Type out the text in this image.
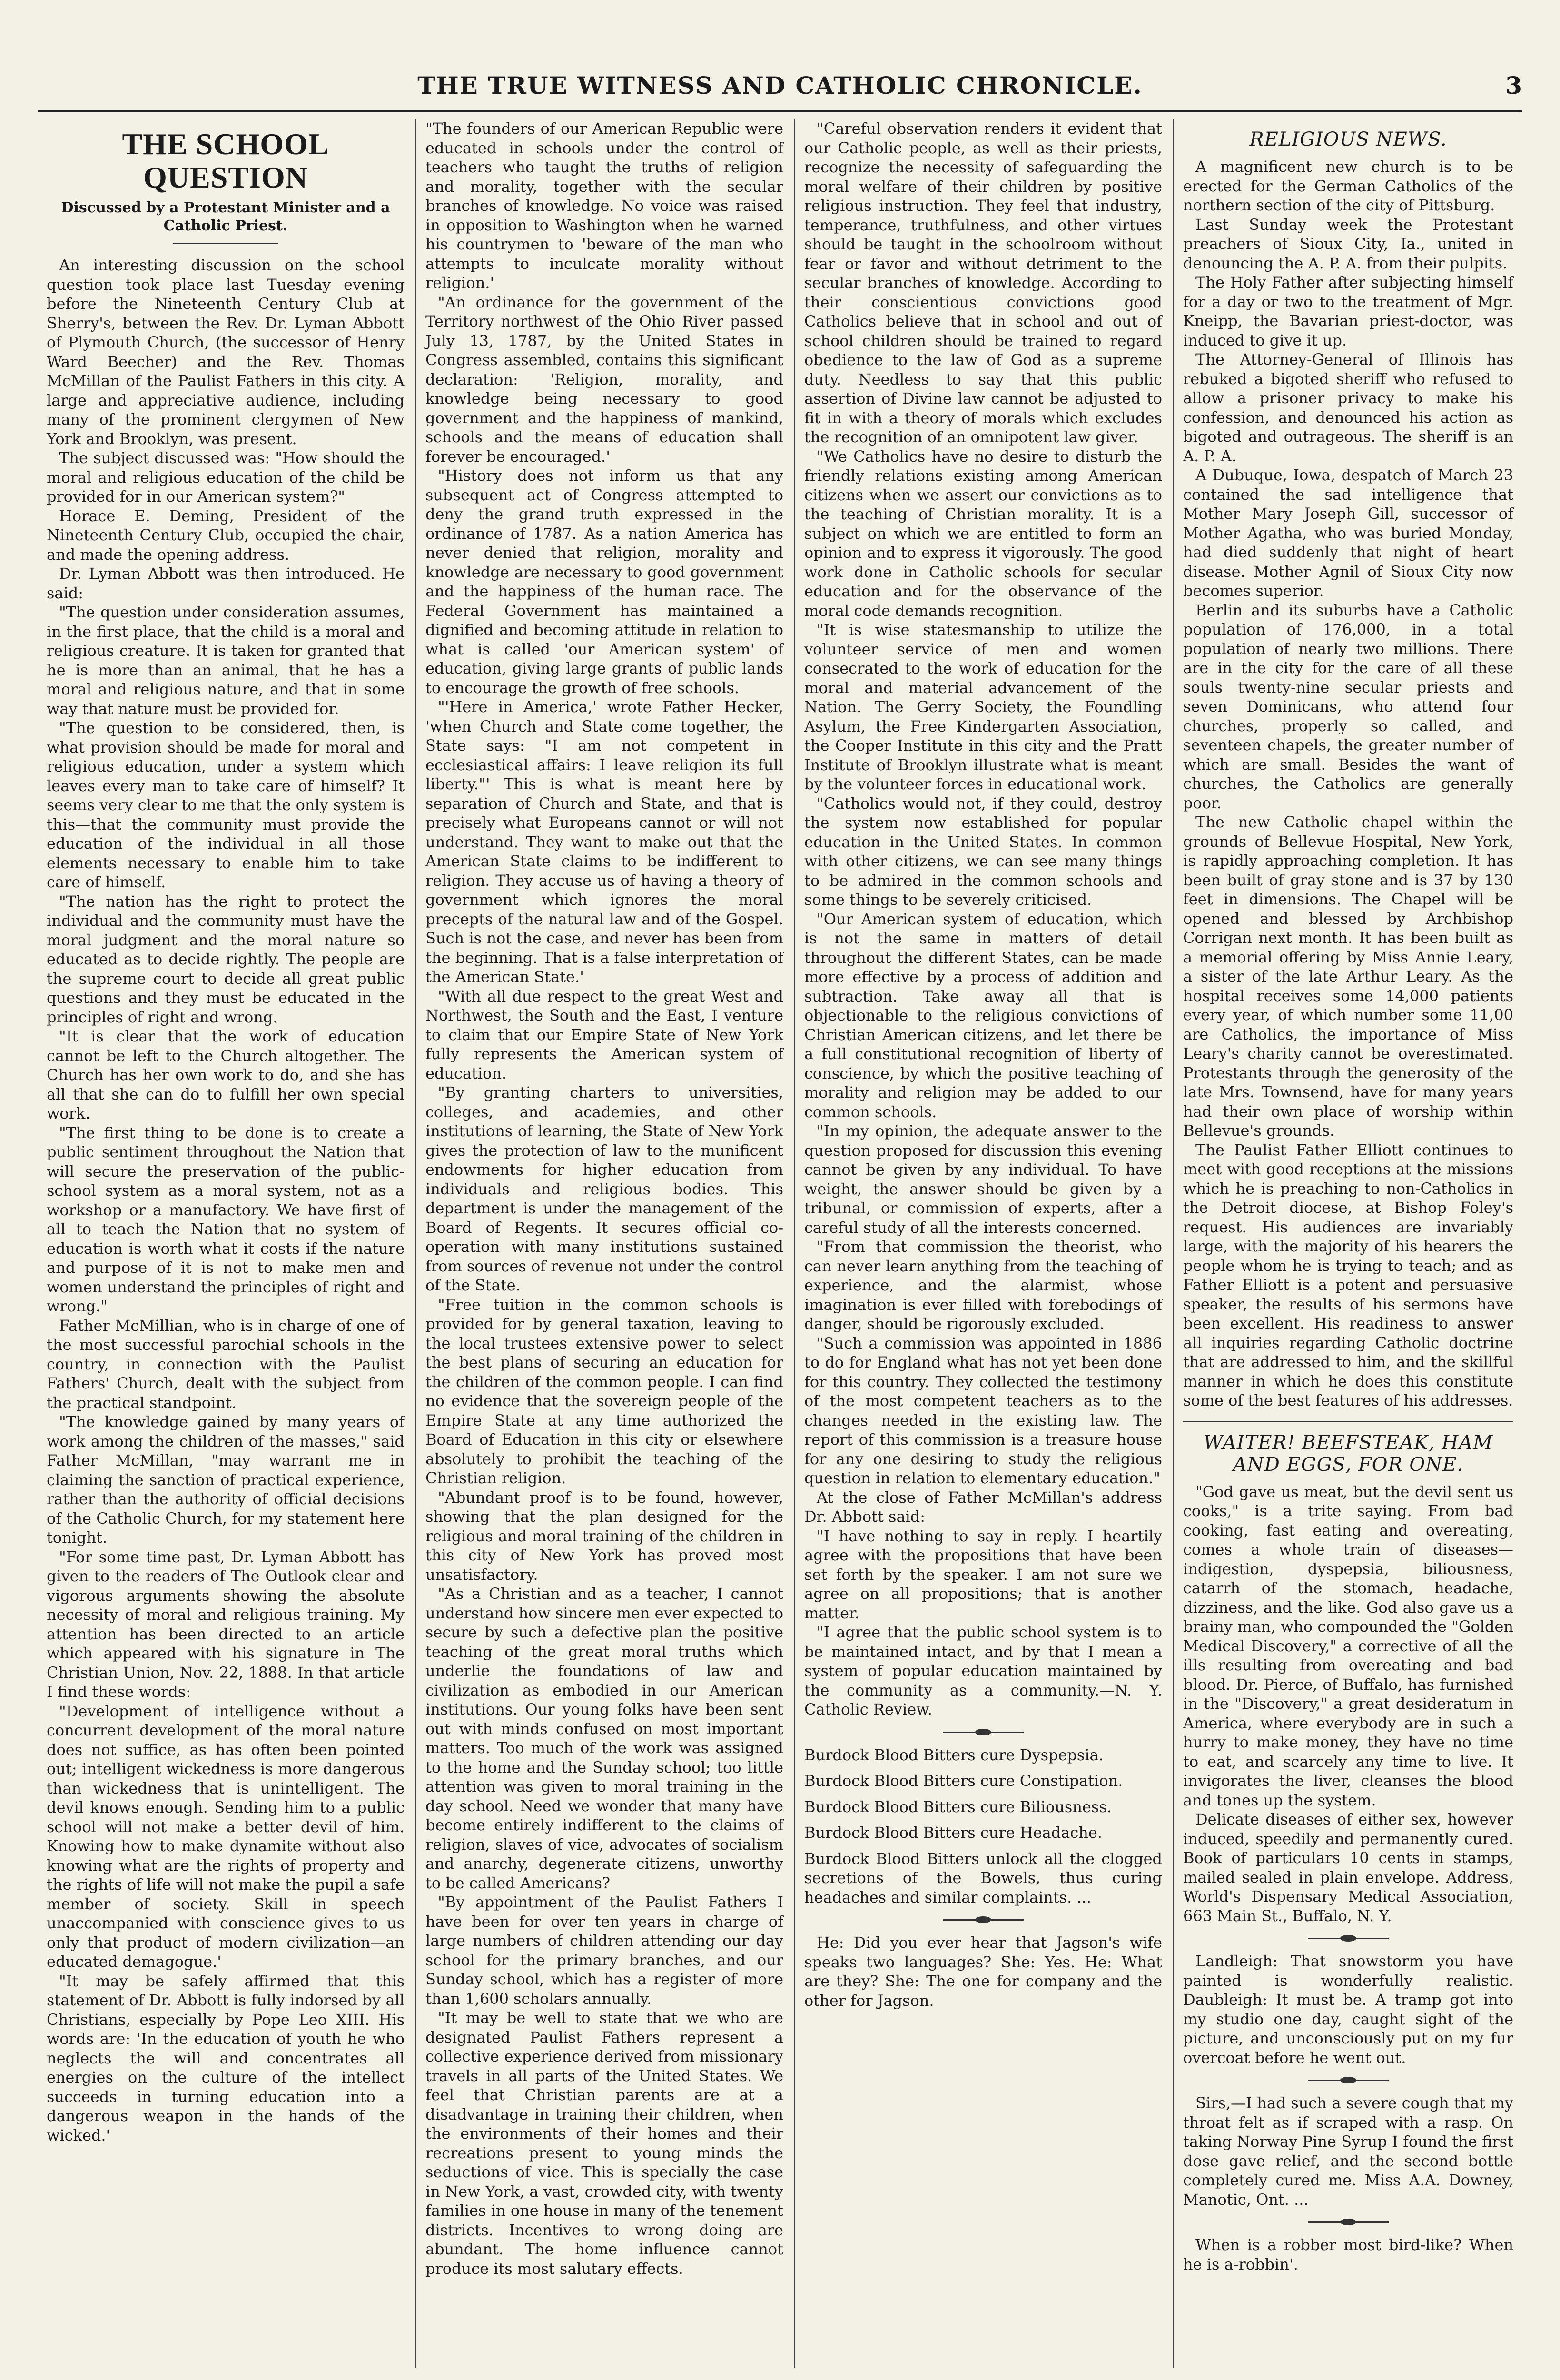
THE TRUE WITNESS AND CATHOLIC CHRONICLE.	3
THE SCHOOL QUESTION
Discussed by a Protestant Minister and a Catholic Priest.

An interesting discussion on the school question took place last Tuesday evening before the Nineteenth Century Club at Sherry's, between the Rev. Dr. Lyman Abbott of Plymouth Church, (the successor of Henry Ward Beecher) and the Rev. Thomas McMillan of the Paulist Fathers in this city. A large and appreciative audience, including many of the prominent clergymen of New York and Brooklyn, was present.

The subject discussed was: "How should the moral and religious education of the child be provided for in our American system?"

Horace E. Deming, President of the Nineteenth Century Club, occupied the chair, and made the opening address.

Dr. Lyman Abbott was then introduced. He said:

"The question under consideration assumes, in the first place, that the child is a moral and religious creature. It is taken for granted that he is more than an animal, that he has a moral and religious nature, and that in some way that nature must be provided for.

"The question to be considered, then, is what provision should be made for moral and religious education, under a system which leaves every man to take care of himself? It seems very clear to me that the only system is this—that the community must provide the education of the individual in all those elements necessary to enable him to take care of himself.

"The nation has the right to protect the individual and the community must have the moral judgment and the moral nature so educated as to decide rightly. The people are the supreme court to decide all great public questions and they must be educated in the principles of right and wrong.

"It is clear that the work of education cannot be left to the Church altogether. The Church has her own work to do, and she has all that she can do to fulfill her own special work.

"The first thing to be done is to create a public sentiment throughout the Nation that will secure the preservation of the public-school system as a moral system, not as a workshop or a manufactory. We have first of all to teach the Nation that no system of education is worth what it costs if the nature and purpose of it is not to make men and women understand the principles of right and wrong."

Father McMillian, who is in charge of one of the most successful parochial schools in the country, in connection with the Paulist Fathers' Church, dealt with the subject from the practical standpoint.

"The knowledge gained by many years of work among the children of the masses," said Father McMillan, "may warrant me in claiming the sanction of practical experience, rather than the authority of official decisions of the Catholic Church, for my statement here tonight.

"For some time past, Dr. Lyman Abbott has given to the readers of The Outlook clear and vigorous arguments showing the absolute necessity of moral and religious training. My attention has been directed to an article which appeared with his signature in The Christian Union, Nov. 22, 1888. In that article I find these words:

"Development of intelligence without a concurrent development of the moral nature does not suffice, as has often been pointed out; intelligent wickedness is more dangerous than wickedness that is unintelligent. The devil knows enough. Sending him to a public school will not make a better devil of him. Knowing how to make dynamite without also knowing what are the rights of property and the rights of life will not make the pupil a safe member of society. Skill in speech unaccompanied with conscience gives to us only that product of modern civilization—an educated demagogue.'

"It may be safely affirmed that this statement of Dr. Abbott is fully indorsed by all Christians, especially by Pope Leo XIII. His words are: 'In the education of youth he who neglects the will and concentrates all energies on the culture of the intellect succeeds in turning education into a dangerous weapon in the hands of the wicked.'

"The founders of our American Republic were educated in schools under the control of teachers who taught the truths of religion and morality, together with the secular branches of knowledge. No voice was raised in opposition to Washington when he warned his countrymen to 'beware of the man who attempts to inculcate morality without religion.'

"An ordinance for the government of the Territory northwest of the Ohio River passed July 13, 1787, by the United States in Congress assembled, contains this significant declaration: 'Religion, morality, and knowledge being necessary to good government and the happiness of mankind, schools and the means of education shall forever be encouraged.'

"History does not inform us that any subsequent act of Congress attempted to deny the grand truth expressed in the ordinance of 1787. As a nation America has never denied that religion, morality and knowledge are necessary to good government and the happiness of the human race. The Federal Government has maintained a dignified and becoming attitude in relation to what is called 'our American system' of education, giving large grants of public lands to encourage the growth of free schools.

"'Here in America,' wrote Father Hecker, 'when Church and State come together, the State says: "I am not competent in ecclesiastical affairs: I leave religion its full liberty."' This is what is meant here by separation of Church and State, and that is precisely what Europeans cannot or will not understand. They want to make out that the American State claims to be indifferent to religion. They accuse us of having a theory of government which ignores the moral precepts of the natural law and of the Gospel. Such is not the case, and never has been from the beginning. That is a false interpretation of the American State.'

"With all due respect to the great West and Northwest, the South and the East, I venture to claim that our Empire State of New York fully represents the American system of education.

"By granting charters to universities, colleges, and academies, and other institutions of learning, the State of New York gives the protection of law to the munificent endowments for higher education from individuals and religious bodies. This department is under the management of the Board of Regents. It secures official co-operation with many institutions sustained from sources of revenue not under the control of the State.

"Free tuition in the common schools is provided for by general taxation, leaving to the local trustees extensive power to select the best plans of securing an education for the children of the common people. I can find no evidence that the sovereign people of the Empire State at any time authorized the Board of Education in this city or elsewhere absolutely to prohibit the teaching of the Christian religion.

"Abundant proof is to be found, however, showing that the plan designed for the religious and moral training of the children in this city of New York has proved most unsatisfactory.

"As a Christian and as a teacher, I cannot understand how sincere men ever expected to secure by such a defective plan the positive teaching of the great moral truths which underlie the foundations of law and civilization as embodied in our American institutions. Our young folks have been sent out with minds confused on most important matters. Too much of the work was assigned to the home and the Sunday school; too little attention was given to moral training in the day school. Need we wonder that many have become entirely indifferent to the claims of religion, slaves of vice, advocates of socialism and anarchy, degenerate citizens, unworthy to be called Americans?

"By appointment of the Paulist Fathers I have been for over ten years in charge of large numbers of children attending our day school for the primary branches, and our Sunday school, which has a register of more than 1,600 scholars annually.

"It may be well to state that we who are designated Paulist Fathers represent a collective experience derived from missionary travels in all parts of the United States. We feel that Christian parents are at a disadvantage in training their children, when the environments of their homes and their recreations present to young minds the seductions of vice. This is specially the case in New York, a vast, crowded city, with twenty families in one house in many of the tenement districts. Incentives to wrong doing are abundant. The home influence cannot produce its most salutary effects.

"Careful observation renders it evident that our Catholic people, as well as their priests, recognize the necessity of safeguarding the moral welfare of their children by positive religious instruction. They feel that industry, temperance, truthfulness, and other virtues should be taught in the schoolroom without fear or favor and without detriment to the secular branches of knowledge. According to their conscientious convictions good Catholics believe that in school and out of school children should be trained to regard obedience to the law of God as a supreme duty. Needless to say that this public assertion of Divine law cannot be adjusted to fit in with a theory of morals which excludes the recognition of an omnipotent law giver.

"We Catholics have no desire to disturb the friendly relations existing among American citizens when we assert our convictions as to the teaching of Christian morality. It is a subject on which we are entitled to form an opinion and to express it vigorously. The good work done in Catholic schools for secular education and for the observance of the moral code demands recognition.

"It is wise statesmanship to utilize the volunteer service of men and women consecrated to the work of education for the moral and material advancement of the Nation. The Gerry Society, the Foundling Asylum, the Free Kindergarten Association, the Cooper Institute in this city and the Pratt Institute of Brooklyn illustrate what is meant by the volunteer forces in educational work.

"Catholics would not, if they could, destroy the system now established for popular education in the United States. In common with other citizens, we can see many things to be admired in the common schools and some things to be severely criticised.

"Our American system of education, which is not the same in matters of detail throughout the different States, can be made more effective by a process of addition and subtraction. Take away all that is objectionable to the religious convictions of Christian American citizens, and let there be a full constitutional recognition of liberty of conscience, by which the positive teaching of morality and religion may be added to our common schools.

"In my opinion, the adequate answer to the question proposed for discussion this evening cannot be given by any individual. To have weight, the answer should be given by a tribunal, or commission of experts, after a careful study of all the interests concerned.

"From that commission the theorist, who can never learn anything from the teaching of experience, and the alarmist, whose imagination is ever filled with forebodings of danger, should be rigorously excluded.

"Such a commission was appointed in 1886 to do for England what has not yet been done for this country. They collected the testimony of the most competent teachers as to the changes needed in the existing law. The report of this commission is a treasure house for any one desiring to study the religious question in relation to elementary education."

At the close of Father McMillan's address Dr. Abbott said:

"I have nothing to say in reply. I heartily agree with the propositions that have been set forth by the speaker. I am not sure we agree on all propositions; that is another matter.

"I agree that the public school system is to be maintained intact, and by that I mean a system of popular education maintained by the community as a community.—N. Y. Catholic Review.

Burdock Blood Bitters cure Dyspepsia.

Burdock Blood Bitters cure Constipation.

Burdock Blood Bitters cure Biliousness.

Burdock Blood Bitters cure Headache.

Burdock Blood Bitters unlock all the clogged secretions of the Bowels, thus curing headaches and similar complaints. ...

He: Did you ever hear that Jagson's wife speaks two languages? She: Yes. He: What are they? She: The one for company and the other for Jagson.

RELIGIOUS NEWS.

A magnificent new church is to be erected for the German Catholics of the northern section of the city of Pittsburg.

Last Sunday week the Protestant preachers of Sioux City, Ia., united in denouncing the A. P. A. from their pulpits.

The Holy Father after subjecting himself for a day or two to the treatment of Mgr. Kneipp, the Bavarian priest-doctor, was induced to give it up.

The Attorney-General of Illinois has rebuked a bigoted sheriff who refused to allow a prisoner privacy to make his confession, and denounced his action as bigoted and outrageous. The sheriff is an A. P. A.

A Dubuque, Iowa, despatch of March 23 contained the sad intelligence that Mother Mary Joseph Gill, successor of Mother Agatha, who was buried Monday, had died suddenly that night of heart disease. Mother Agnil of Sioux City now becomes superior.

Berlin and its suburbs have a Catholic population of 176,000, in a total population of nearly two millions. There are in the city for the care of all these souls twenty-nine secular priests and seven Dominicans, who attend four churches, properly so called, and seventeen chapels, the greater number of which are small. Besides the want of churches, the Catholics are generally poor.

The new Catholic chapel within the grounds of Bellevue Hospital, New York, is rapidly approaching completion. It has been built of gray stone and is 37 by 130 feet in dimensions. The Chapel will be opened and blessed by Archbishop Corrigan next month. It has been built as a memorial offering by Miss Annie Leary, a sister of the late Arthur Leary. As the hospital receives some 14,000 patients every year, of which number some 11,00 are Catholics, the importance of Miss Leary's charity cannot be overestimated. Protestants through the generosity of the late Mrs. Townsend, have for many years had their own place of worship within Bellevue's grounds.

The Paulist Father Elliott continues to meet with good receptions at the missions which he is preaching to non-Catholics in the Detroit diocese, at Bishop Foley's request. His audiences are invariably large, with the majority of his hearers the people whom he is trying to teach; and as Father Elliott is a potent and persuasive speaker, the results of his sermons have been excellent. His readiness to answer all inquiries regarding Catholic doctrine that are addressed to him, and the skillful manner in which he does this constitute some of the best features of his addresses.

WAITER! BEEFSTEAK, HAM AND EGGS, FOR ONE.

"God gave us meat, but the devil sent us cooks," is a trite saying. From bad cooking, fast eating and overeating, comes a whole train of diseases—indigestion, dyspepsia, biliousness, catarrh of the stomach, headache, dizziness, and the like. God also gave us a brainy man, who compounded the "Golden Medical Discovery," a corrective of all the ills resulting from overeating and bad blood. Dr. Pierce, of Buffalo, has furnished in the "Discovery," a great desideratum in America, where everybody are in such a hurry to make money, they have no time to eat, and scarcely any time to live. It invigorates the liver, cleanses the blood and tones up the system.

Delicate diseases of either sex, however induced, speedily and permanently cured. Book of particulars 10 cents in stamps, mailed sealed in plain envelope. Address, World's Dispensary Medical Association, 663 Main St., Buffalo, N. Y.

Landleigh: That snowstorm you have painted is wonderfully realistic. Daubleigh: It must be. A tramp got into my studio one day, caught sight of the picture, and unconsciously put on my fur overcoat before he went out.

Sirs,—I had such a severe cough that my throat felt as if scraped with a rasp. On taking Norway Pine Syrup I found the first dose gave relief, and the second bottle completely cured me. Miss A.A. Downey, Manotic, Ont. ...

When is a robber most bird-like? When he is a-robbin'.
